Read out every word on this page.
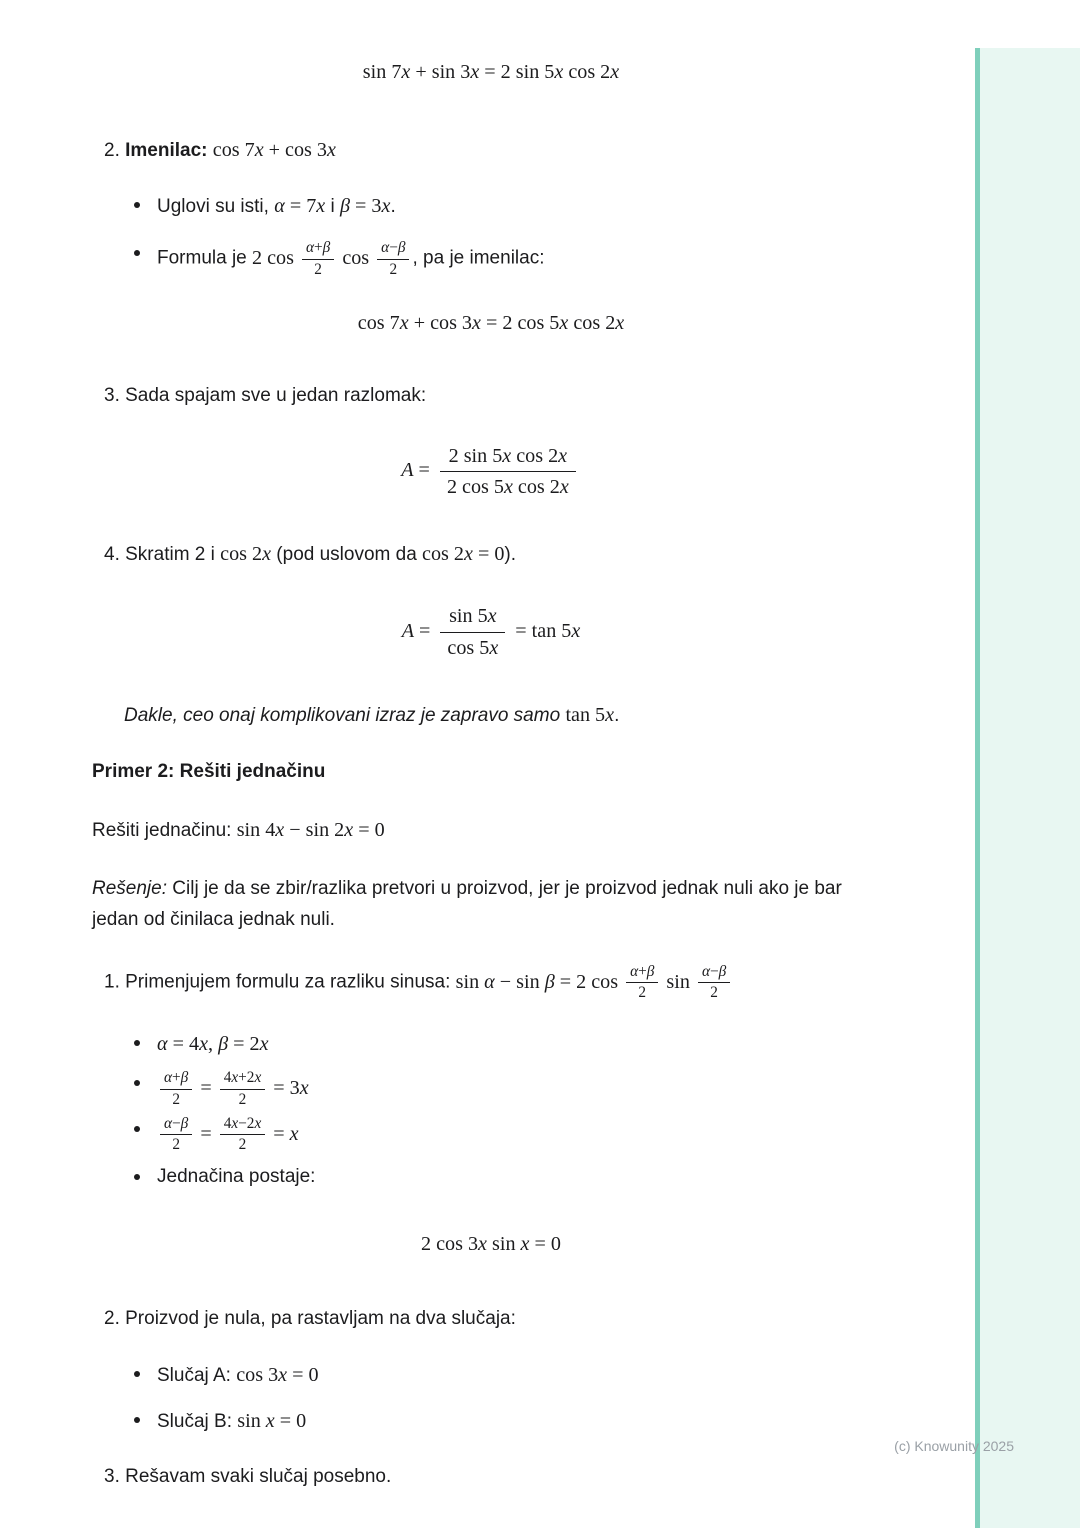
sin 7x + sin 3x = 2 sin 5x cos 2x
2. Imenilac: cos 7x + cos 3x
Uglovi su isti, α = 7x i β = 3x.
Formula je 2 $\cos \frac{\alpha+\beta}{2}$ $\cos \frac{\alpha-\beta}{2}$ , pa je imenilac:
cos 7x + cos 3x = 2 cos 5x cos 2x
3. Sada spajam sve u jedan razlomak:
$A = \frac{\text{2 sin 5x cos 2x}}{\text{2 cos 5x cos 2x}}$
4. Skratim 2 i cos 2x (pod uslovom da cos 2x = 0).
$A = \frac{\sin 5x}{\cos 5x} = \tan 5x$
Dakle, ceo onaj komplikovani izraz je zapravo samo tan 5x.
Primer 2: Rešiti jednačinu

Rešiti jednačinu: sin 4x − sin 2x = 0

Rešenje: Cilj je da se zbir/razlika pretvori u proizvod, jer je proizvod jednak nuli ako je bar jedan od činilaca jednak nuli.

1. Primenjujem formulu za razliku sinusa: sin α − sin β = 2 $\cos \frac{\alpha+\beta}{2}$ $\sin \frac{\alpha-\beta}{2}$
α = 4x, β = 2x
$\frac{\alpha+\beta}{2} = \frac{4x+2x}{2} = 3x$
$\frac{\alpha-\beta}{2} = \frac{4x-2x}{2} = x$
Jednačina postaje:
2 cos 3x sin x = 0
2. Proizvod je nula, pa rastavljam na dva slučaja:
Slučaj A: cos 3x = 0
Slučaj B: sin x = 0
3. Rešavam svaki slučaj posebno.
(c) Knowunity 2025
